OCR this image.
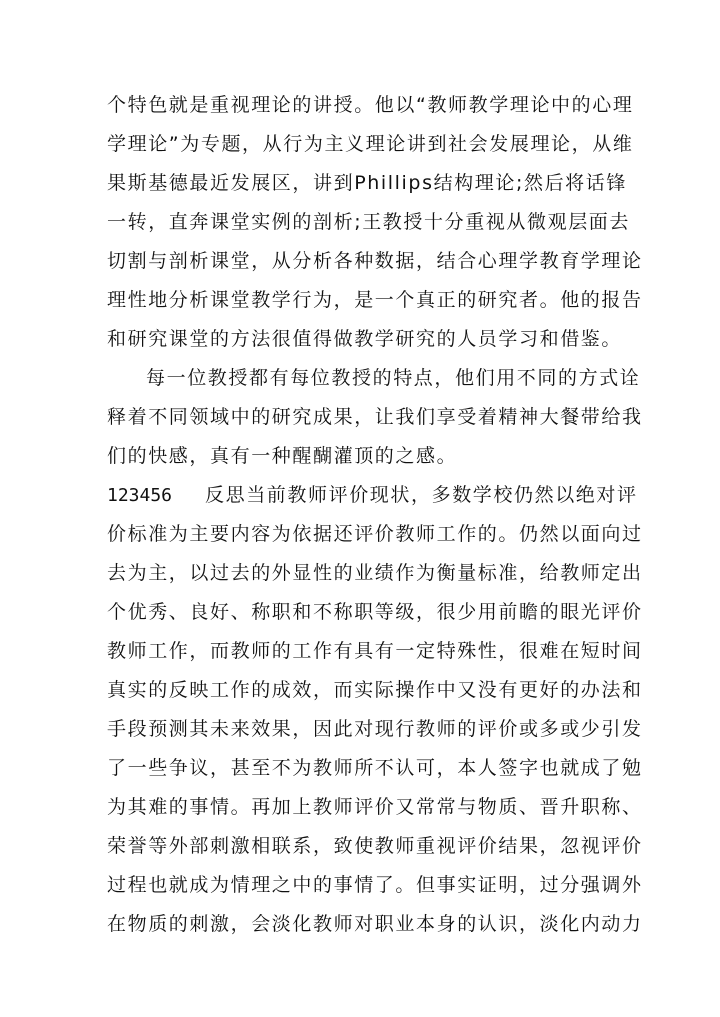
个特色就是重视理论的讲授。他以“教师教学理论中的心理
学理论”为专题，从行为主义理论讲到社会发展理论，从维
果斯基德最近发展区，讲到Phillips结构理论;然后将话锋
一转，直奔课堂实例的剖析;王教授十分重视从微观层面去
切割与剖析课堂，从分析各种数据，结合心理学教育学理论
理性地分析课堂教学行为，是一个真正的研究者。他的报告
和研究课堂的方法很值得做教学研究的人员学习和借鉴。
每一位教授都有每位教授的特点，他们用不同的方式诠
释着不同领域中的研究成果，让我们享受着精神大餐带给我
们的快感，真有一种醒醐灌顶的之感。
123456 反思当前教师评价现状，多数学校仍然以绝对评
价标准为主要内容为依据还评价教师工作的。仍然以面向过
去为主，以过去的外显性的业绩作为衡量标准，给教师定出
个优秀、良好、称职和不称职等级，很少用前瞻的眼光评价
教师工作，而教师的工作有具有一定特殊性，很难在短时间
真实的反映工作的成效，而实际操作中又没有更好的办法和
手段预测其未来效果，因此对现行教师的评价或多或少引发
了一些争议，甚至不为教师所不认可，本人签字也就成了勉
为其难的事情。再加上教师评价又常常与物质、晋升职称、
荣誉等外部刺激相联系，致使教师重视评价结果，忽视评价
过程也就成为情理之中的事情了。但事实证明，过分强调外
在物质的刺激，会淡化教师对职业本身的认识，淡化内动力
